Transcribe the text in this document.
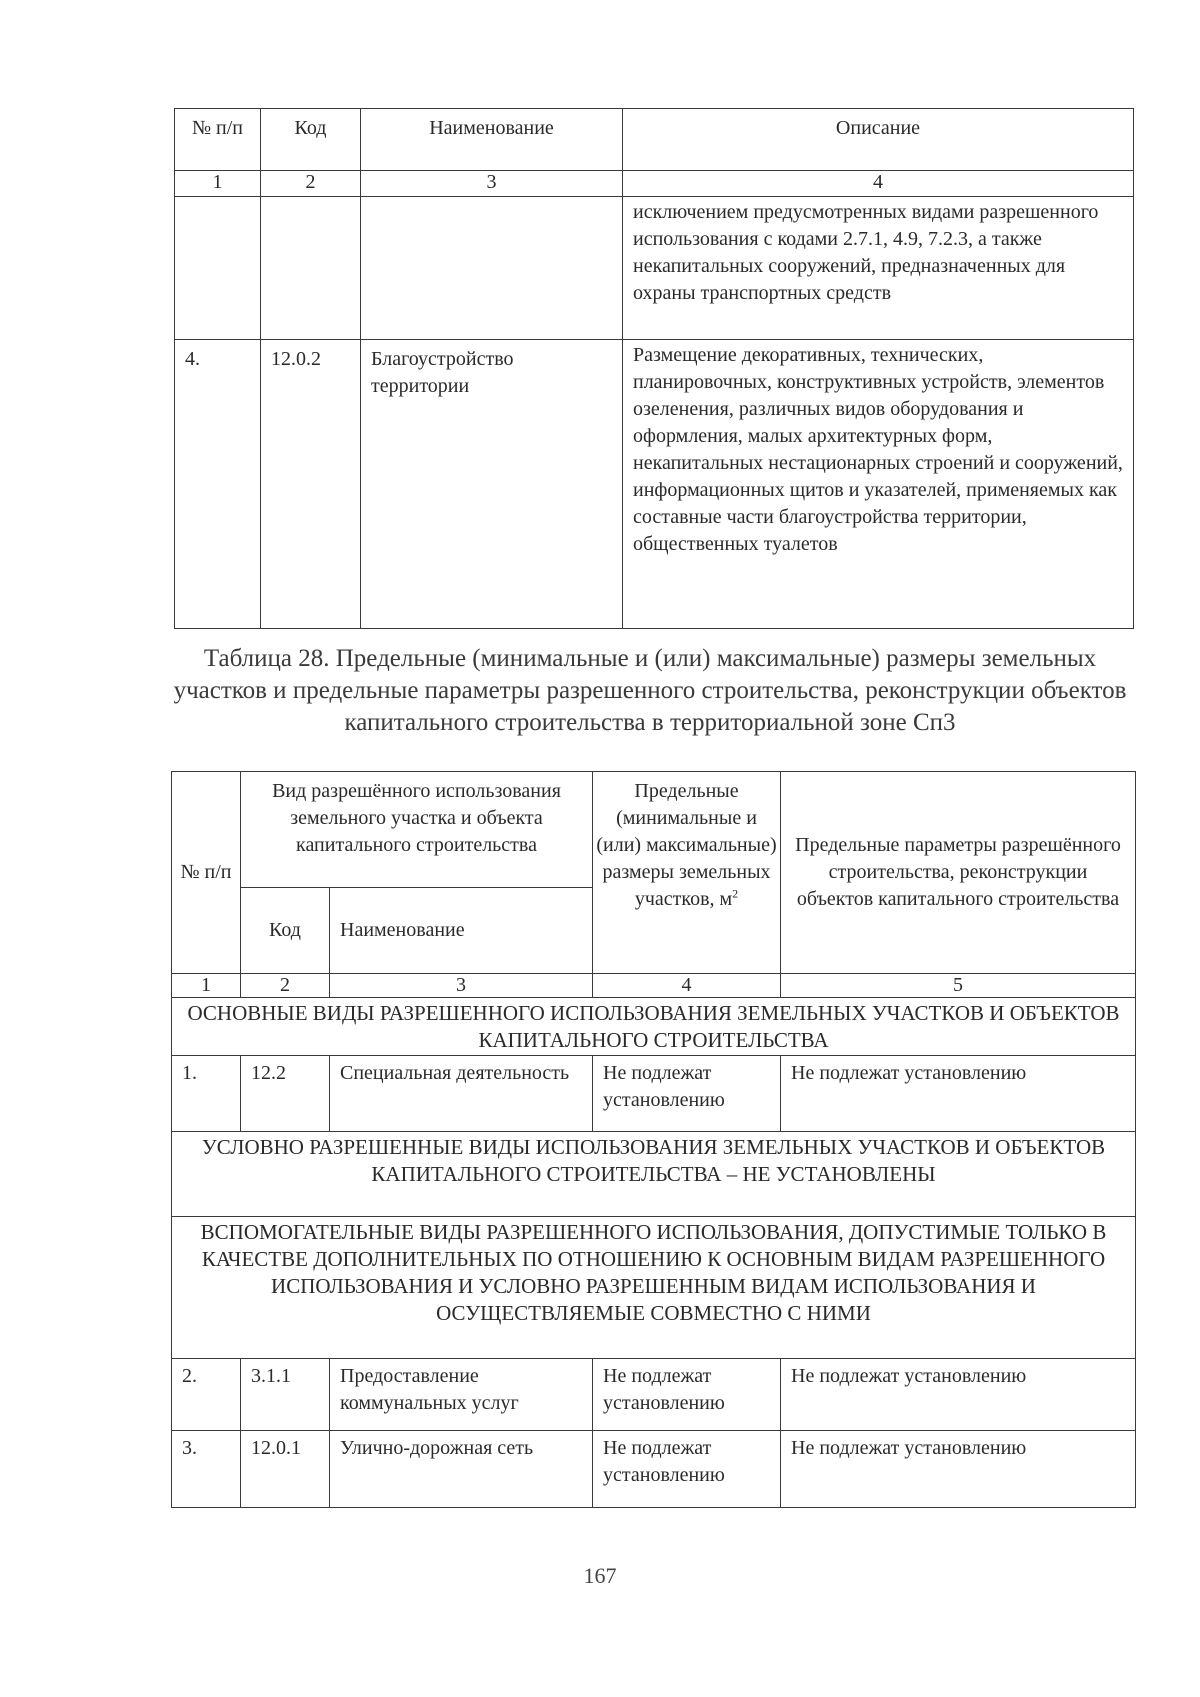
№ п/п	Код	Наименование	Описание
1	2	3	4
			исключением предусмотренных видами разрешенного использования с кодами 2.7.1, 4.9, 7.2.3, а также некапитальных сооружений, предназначенных для охраны транспортных средств
4.	12.0.2	Благоустройство территории	Размещение декоративных, технических, планировочных, конструктивных устройств, элементов озеленения, различных видов оборудования и оформления, малых архитектурных форм, некапитальных нестационарных строений и сооружений, информационных щитов и указателей, применяемых как составные части благоустройства территории, общественных туалетов
Таблица 28. Предельные (минимальные и (или) максимальные) размеры земельных участков и предельные параметры разрешенного строительства, реконструкции объектов капитального строительства в территориальной зоне Сп3
№ п/п	Вид разрешённого использования земельного участка и объекта капитального строительства		Предельные (минимальные и (или) максимальные) размеры земельных участков, $м^2$	Предельные параметры разрешённого строительства, реконструкции объектов капитального строительства
	Код	Наименование		
1	2	3	4	5
ОСНОВНЫЕ ВИДЫ РАЗРЕШЕННОГО ИСПОЛЬЗОВАНИЯ ЗЕМЕЛЬНЫХ УЧАСТКОВ И ОБЪЕКТОВ КАПИТАЛЬНОГО СТРОИТЕЛЬСТВА				
1.	12.2	Специальная деятельность	Не подлежат установлению	Не подлежат установлению
УСЛОВНО РАЗРЕШЕННЫЕ ВИДЫ ИСПОЛЬЗОВАНИЯ ЗЕМЕЛЬНЫХ УЧАСТКОВ И ОБЪЕКТОВ КАПИТАЛЬНОГО СТРОИТЕЛЬСТВА – НЕ УСТАНОВЛЕНЫ				
ВСПОМОГАТЕЛЬНЫЕ ВИДЫ РАЗРЕШЕННОГО ИСПОЛЬЗОВАНИЯ, ДОПУСТИМЫЕ ТОЛЬКО В КАЧЕСТВЕ ДОПОЛНИТЕЛЬНЫХ ПО ОТНОШЕНИЮ К ОСНОВНЫМ ВИДАМ РАЗРЕШЕННОГО ИСПОЛЬЗОВАНИЯ И УСЛОВНО РАЗРЕШЕННЫМ ВИДАМ ИСПОЛЬЗОВАНИЯ И ОСУЩЕСТВЛЯЕМЫЕ СОВМЕСТНО С НИМИ				
2.	3.1.1	Предоставление коммунальных услуг	Не подлежат установлению	Не подлежат установлению
3.	12.0.1	Улично-дорожная сеть	Не подлежат установлению	Не подлежат установлению
167
